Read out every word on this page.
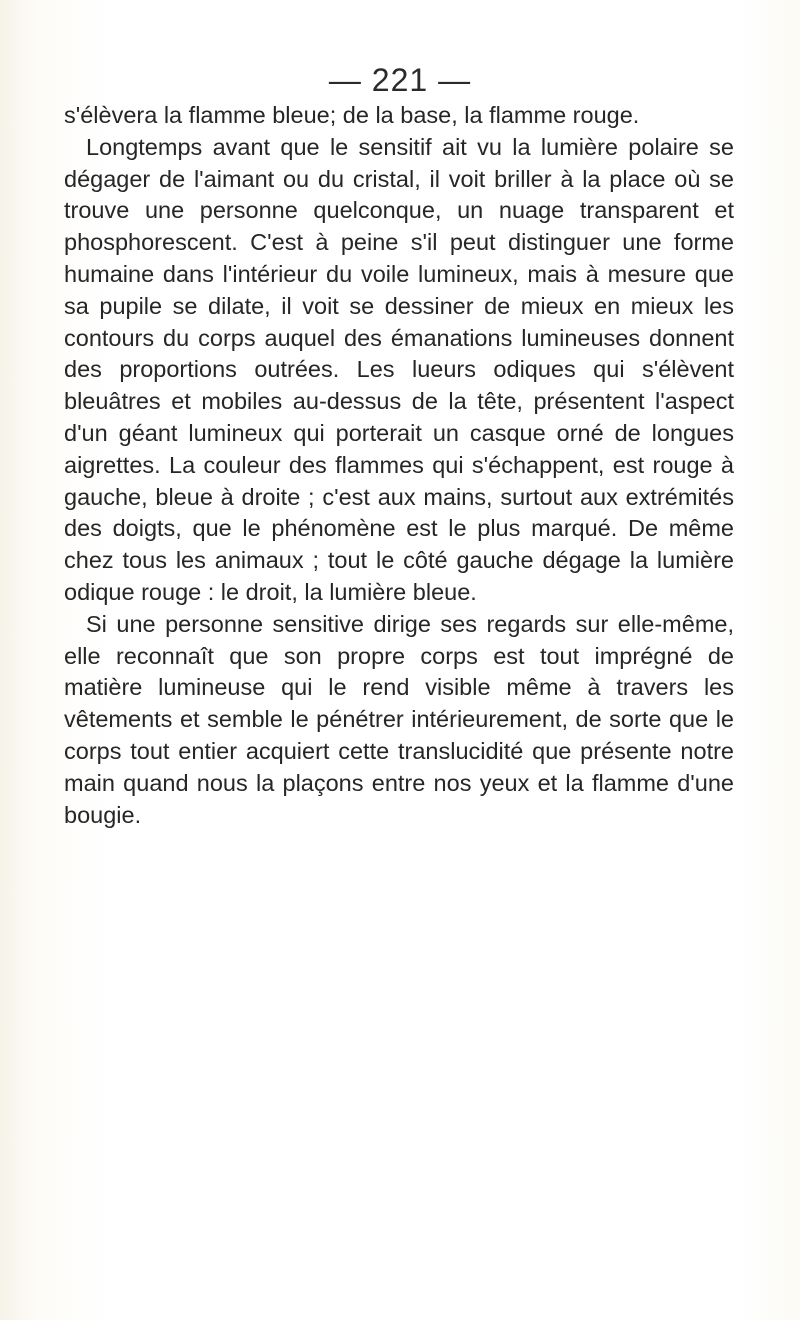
— 221 —

s'élèvera la flamme bleue; de la base, la flamme rouge.

Longtemps avant que le sensitif ait vu la lumière polaire se dégager de l'aimant ou du cristal, il voit briller à la place où se trouve une personne quelconque, un nuage transparent et phosphorescent. C'est à peine s'il peut distinguer une forme humaine dans l'intérieur du voile lumineux, mais à mesure que sa pupile se dilate, il voit se dessiner de mieux en mieux les contours du corps auquel des émanations lumineuses donnent des proportions outrées. Les lueurs odiques qui s'élèvent bleuâtres et mobiles au-dessus de la tête, présentent l'aspect d'un géant lumineux qui porterait un casque orné de longues aigrettes. La couleur des flammes qui s'échappent, est rouge à gauche, bleue à droite ; c'est aux mains, surtout aux extrémités des doigts, que le phénomène est le plus marqué. De même chez tous les animaux ; tout le côté gauche dégage la lumière odique rouge : le droit, la lumière bleue.

Si une personne sensitive dirige ses regards sur elle-même, elle reconnaît que son propre corps est tout imprégné de matière lumineuse qui le rend visible même à travers les vêtements et semble le pénétrer intérieurement, de sorte que le corps tout entier acquiert cette translucidité que présente notre main quand nous la plaçons entre nos yeux et la flamme d'une bougie.
